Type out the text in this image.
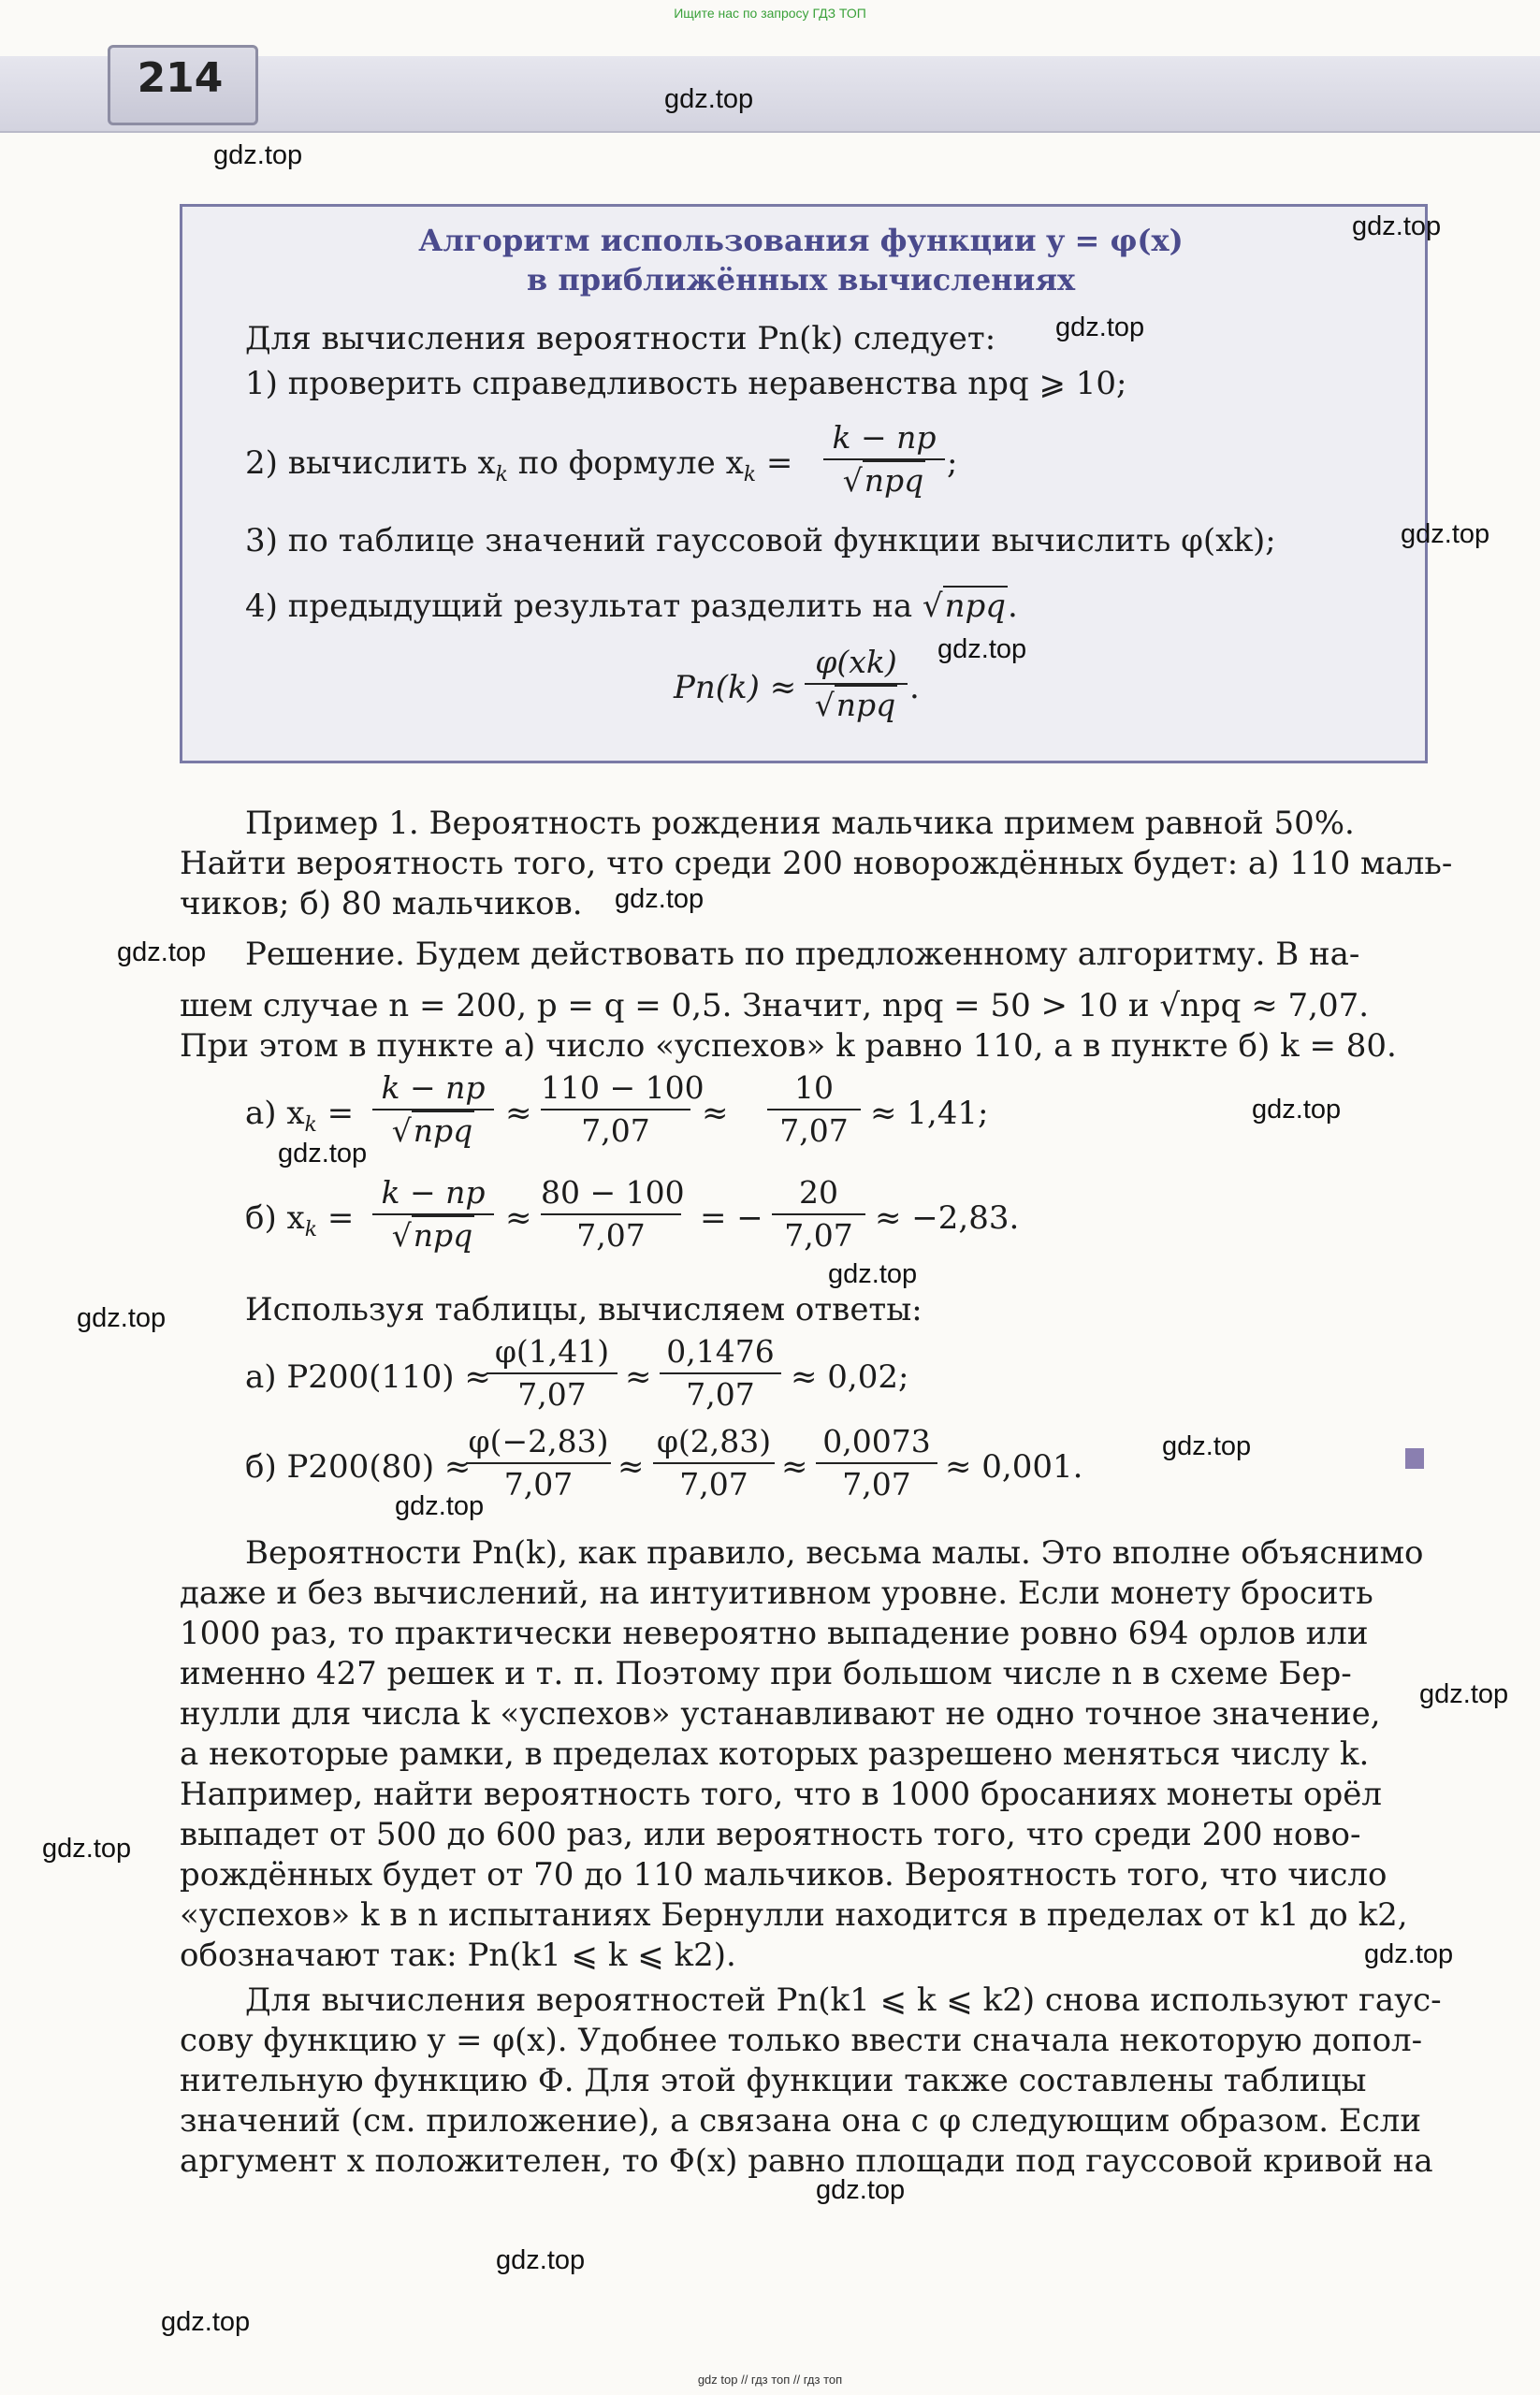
Ищите нас по запросу ГДЗ ТОП
214
Алгоритм использования функции y = φ(x)
в приближённых вычислениях
Для вычисления вероятности Pn(k) следует:
1) проверить справедливость неравенства npq ⩾ 10;
2) вычислить $x_k$ по формуле $x_k$ =
k − np
√npq ;
3) по таблице значений гауссовой функции вычислить φ(xk);
4) предыдущий результат разделить на √npq.
Pn(k) ≈
φ(xk)
√npq .
Пример 1. Вероятность рождения мальчика примем равной 50%.
Найти вероятность того, что среди 200 новорождённых будет: а) 110 маль-
чиков; б) 80 мальчиков.
Решение. Будем действовать по предложенному алгоритму. В на-
шем случае n = 200, p = q = 0,5. Значит, npq = 50 > 10 и √npq ≈ 7,07.
При этом в пункте а) число «успехов» k равно 110, а в пункте б) k = 80.
а) $x_k$ =
k − np
√npq	≈
110 − 100
7,07	≈
10
7,07 ≈ 1,41;
б) $x_k$ =
k − np
√npq	≈
80 − 100
7,07	= −
20
7,07 ≈ −2,83.
Используя таблицы, вычисляем ответы:
а) P200(110) ≈
φ(1,41)
7,07	≈
0,1476
7,07	≈ 0,02;
б) P200(80) ≈
φ(−2,83)
7,07	≈
φ(2,83)
7,07	≈
0,0073
7,07	≈ 0,001.
Вероятности Pn(k), как правило, весьма малы. Это вполне объяснимо
даже и без вычислений, на интуитивном уровне. Если монету бросить
1000 раз, то практически невероятно выпадение ровно 694 орлов или
именно 427 решек и т. п. Поэтому при большом числе n в схеме Бер-
нулли для числа k «успехов» устанавливают не одно точное значение,
а некоторые рамки, в пределах которых разрешено меняться числу k.
Например, найти вероятность того, что в 1000 бросаниях монеты орёл
выпадет от 500 до 600 раз, или вероятность того, что среди 200 ново-
рождённых будет от 70 до 110 мальчиков. Вероятность того, что число
«успехов» k в n испытаниях Бернулли находится в пределах от k1 до k2,
обозначают так: Pn(k1 ⩽ k ⩽ k2).
Для вычисления вероятностей Pn(k1 ⩽ k ⩽ k2) снова используют гаус-
сову функцию y = φ(x). Удобнее только ввести сначала некоторую допол-
нительную функцию Φ. Для этой функции также составлены таблицы
значений (см. приложение), а связана она с φ следующим образом. Если
аргумент x положителен, то Φ(x) равно площади под гауссовой кривой на
gdz.top
gdz.top
gdz.top
gdz.top
gdz.top
gdz.top
gdz.top
gdz.top
gdz.top
gdz.top
gdz.top
gdz.top
gdz.top
gdz.top
gdz.top
gdz.top
gdz.top
gdz.top
gdz.top
gdz.top
gdz top // гдз топ // гдз топ
